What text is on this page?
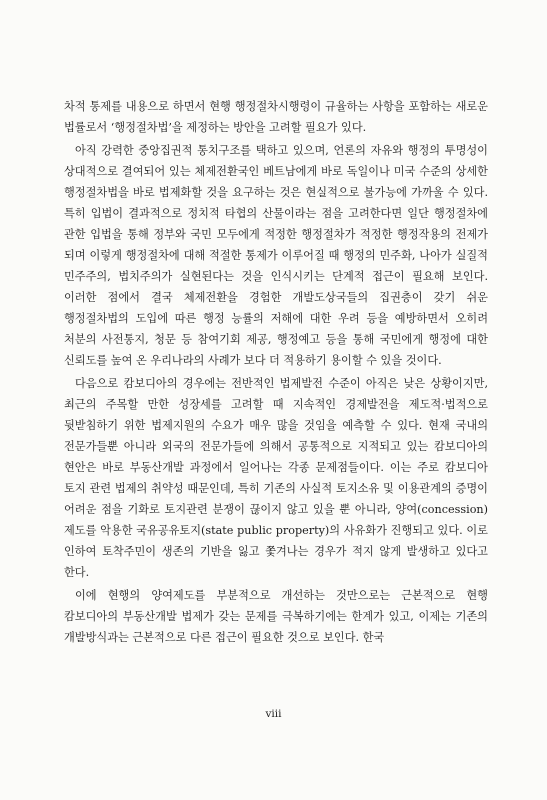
차적 통제를 내용으로 하면서 현행 행정절차시행령이 규율하는 사항을 포함하는 새로운 법률로서 ‘행정절차법’을 제정하는 방안을 고려할 필요가 있다.

아직 강력한 중앙집권적 통치구조를 택하고 있으며, 언론의 자유와 행정의 투명성이 상대적으로 결여되어 있는 체제전환국인 베트남에게 바로 독일이나 미국 수준의 상세한 행정절차법을 바로 법제화할 것을 요구하는 것은 현실적으로 불가능에 가까울 수 있다. 특히 입법이 결과적으로 정치적 타협의 산물이라는 점을 고려한다면 일단 행정절차에 관한 입법을 통해 정부와 국민 모두에게 적정한 행정절차가 적정한 행정작용의 전제가 되며 이렇게 행정절차에 대해 적절한 통제가 이루어질 때 행정의 민주화, 나아가 실질적 민주주의, 법치주의가 실현된다는 것을 인식시키는 단계적 접근이 필요해 보인다. 이러한 점에서 결국 체제전환을 경험한 개발도상국들의 집권층이 갖기 쉬운 행정절차법의 도입에 따른 행정 능률의 저해에 대한 우려 등을 예방하면서 오히려 처분의 사전통지, 청문 등 참여기회 제공, 행정예고 등을 통해 국민에게 행정에 대한 신뢰도를 높여 온 우리나라의 사례가 보다 더 적용하기 용이할 수 있을 것이다.

다음으로 캄보디아의 경우에는 전반적인 법제발전 수준이 아직은 낮은 상황이지만, 최근의 주목할 만한 성장세를 고려할 때 지속적인 경제발전을 제도적·법적으로 뒷받침하기 위한 법제지원의 수요가 매우 많을 것임을 예측할 수 있다. 현재 국내의 전문가들뿐 아니라 외국의 전문가들에 의해서 공통적으로 지적되고 있는 캄보디아의 현안은 바로 부동산개발 과정에서 일어나는 각종 문제점들이다. 이는 주로 캄보디아 토지 관련 법제의 취약성 때문인데, 특히 기존의 사실적 토지소유 및 이용관계의 증명이 어려운 점을 기화로 토지관련 분쟁이 끊이지 않고 있을 뿐 아니라, 양여(concession) 제도를 악용한 국유공유토지(state public property)의 사유화가 진행되고 있다. 이로 인하여 토착주민이 생존의 기반을 잃고 쫓겨나는 경우가 적지 않게 발생하고 있다고 한다.

이에 현행의 양여제도를 부분적으로 개선하는 것만으로는 근본적으로 현행 캄보디아의 부동산개발 법제가 갖는 문제를 극복하기에는 한계가 있고, 이제는 기존의 개발방식과는 근본적으로 다른 접근이 필요한 것으로 보인다. 한국

viii
